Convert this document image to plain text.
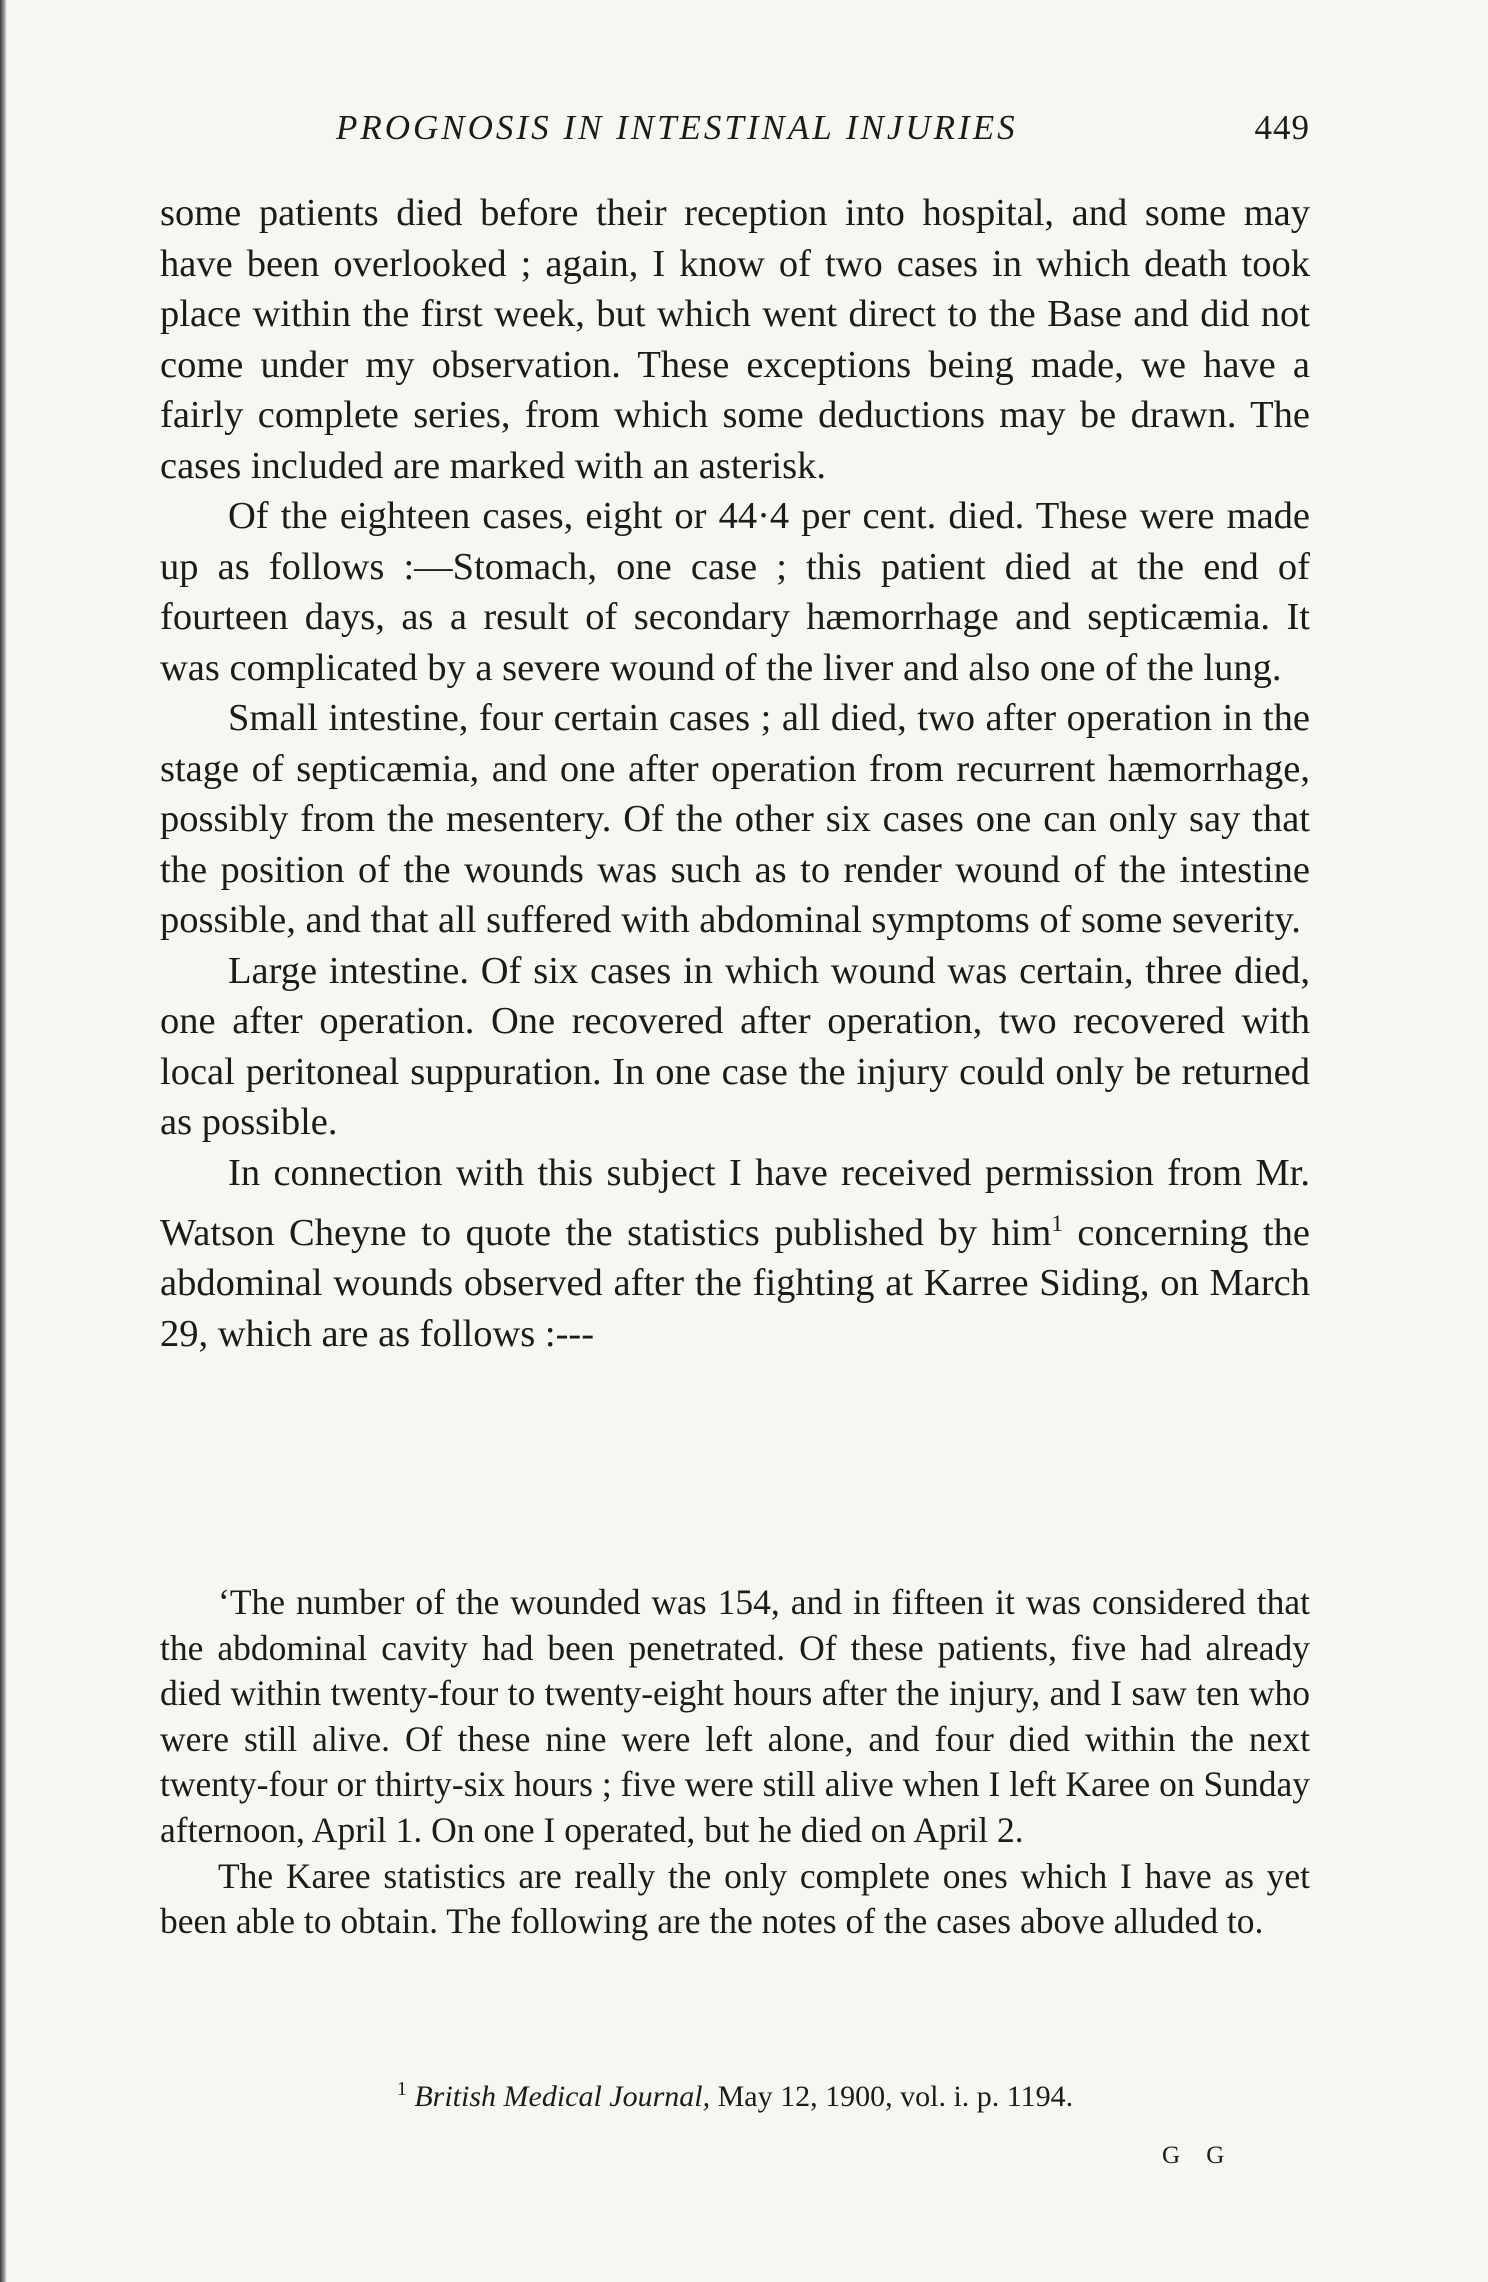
PROGNOSIS IN INTESTINAL INJURIES	449

some patients died before their reception into hospital, and some may have been overlooked ; again, I know of two cases in which death took place within the first week, but which went direct to the Base and did not come under my observation. These exceptions being made, we have a fairly complete series, from which some deductions may be drawn. The cases included are marked with an asterisk.

Of the eighteen cases, eight or 44·4 per cent. died. These were made up as follows :—Stomach, one case ; this patient died at the end of fourteen days, as a result of secondary hæmorrhage and septicæmia. It was complicated by a severe wound of the liver and also one of the lung.

Small intestine, four certain cases ; all died, two after operation in the stage of septicæmia, and one after operation from recurrent hæmorrhage, possibly from the mesentery. Of the other six cases one can only say that the position of the wounds was such as to render wound of the intestine possible, and that all suffered with abdominal symptoms of some severity.

Large intestine. Of six cases in which wound was certain, three died, one after operation. One recovered after operation, two recovered with local peritoneal suppuration. In one case the injury could only be returned as possible.

In connection with this subject I have received permission from Mr. Watson Cheyne to quote the statistics published by him$^1$ concerning the abdominal wounds observed after the fighting at Karree Siding, on March 29, which are as follows :---

‘The number of the wounded was 154, and in fifteen it was considered that the abdominal cavity had been penetrated. Of these patients, five had already died within twenty-four to twenty-eight hours after the injury, and I saw ten who were still alive. Of these nine were left alone, and four died within the next twenty-four or thirty-six hours ; five were still alive when I left Karee on Sunday afternoon, April 1. On one I operated, but he died on April 2.

The Karee statistics are really the only complete ones which I have as yet been able to obtain. The following are the notes of the cases above alluded to.

$^1$ British Medical Journal, May 12, 1900, vol. i. p. 1194.
G G
